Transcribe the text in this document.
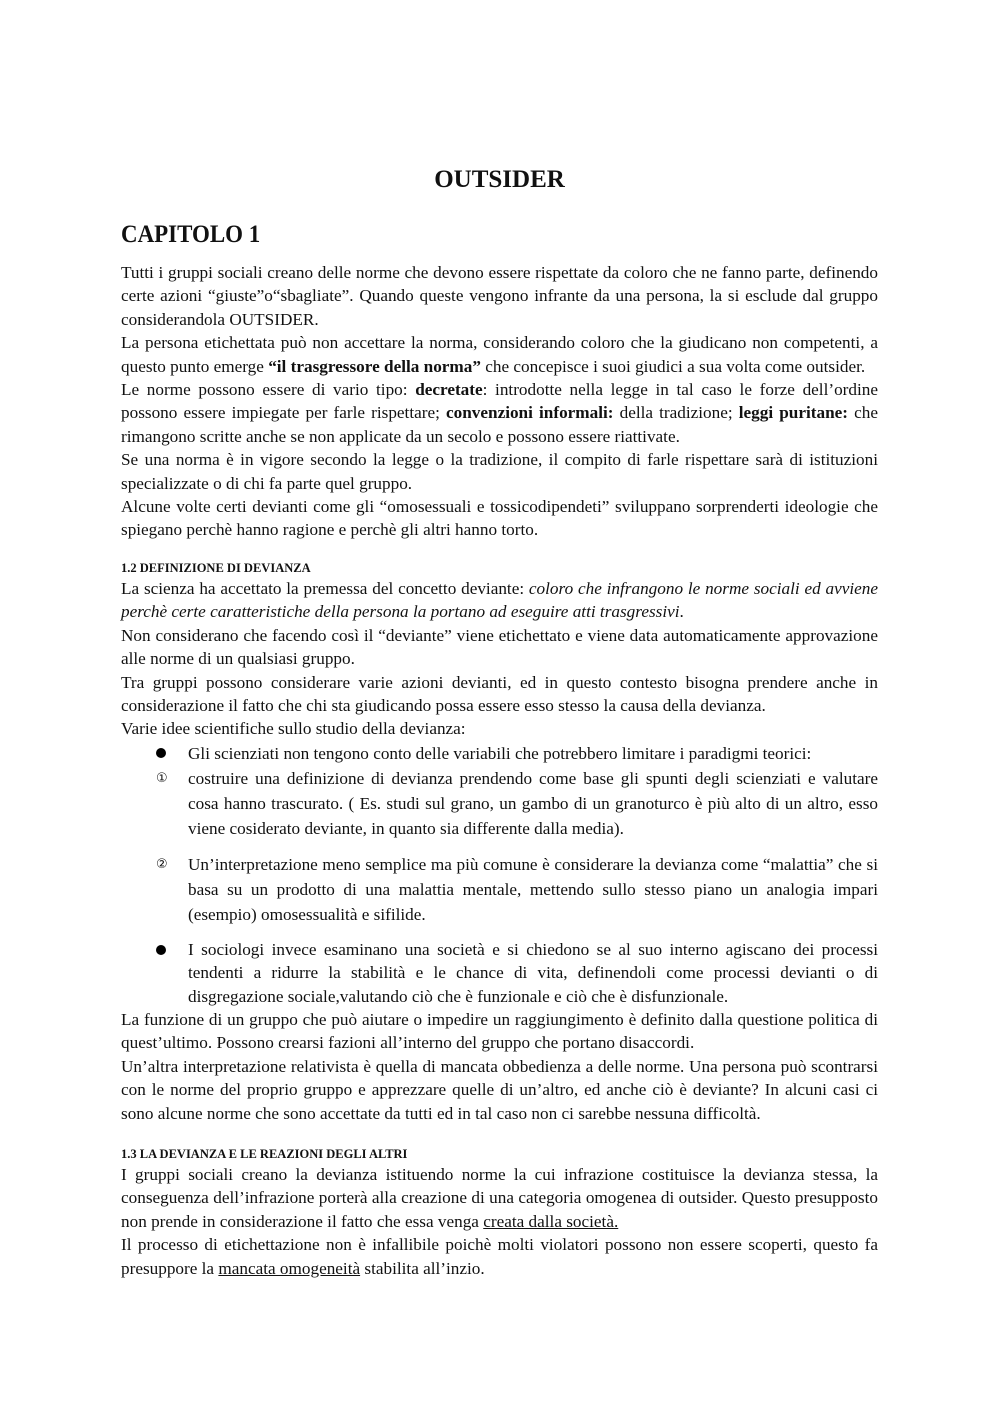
OUTSIDER
CAPITOLO 1

Tutti i gruppi sociali creano delle norme che devono essere rispettate da coloro che ne fanno parte, definendo certe azioni “giuste”o“sbagliate”. Quando queste vengono infrante da una persona, la si esclude dal gruppo considerandola OUTSIDER.

La persona etichettata può non accettare la norma, considerando coloro che la giudicano non competenti, a questo punto emerge “il trasgressore della norma” che concepisce i suoi giudici a sua volta come outsider.

Le norme possono essere di vario tipo: decretate: introdotte nella legge in tal caso le forze dell’ordine possono essere impiegate per farle rispettare; convenzioni informali: della tradizione; leggi puritane: che rimangono scritte anche se non applicate da un secolo e possono essere riattivate.

Se una norma è in vigore secondo la legge o la tradizione, il compito di farle rispettare sarà di istituzioni specializzate o di chi fa parte quel gruppo.

Alcune volte certi devianti come gli “omosessuali e tossicodipendeti” sviluppano sorprenderti ideologie che spiegano perchè hanno ragione e perchè gli altri hanno torto.

1.2 DEFINIZIONE DI DEVIANZA

La scienza ha accettato la premessa del concetto deviante: coloro che infrangono le norme sociali ed avviene perchè certe caratteristiche della persona la portano ad eseguire atti trasgressivi.

Non considerano che facendo così il “deviante” viene etichettato e viene data automaticamente approvazione alle norme di un qualsiasi gruppo.

Tra gruppi possono considerare varie azioni devianti, ed in questo contesto bisogna prendere anche in considerazione il fatto che chi sta giudicando possa essere esso stesso la causa della devianza.

Varie idee scientifiche sullo studio della devianza:

Gli scienziati non tengono conto delle variabili che potrebbero limitare i paradigmi teorici:
①	costruire una definizione di devianza prendendo come base gli spunti degli scienziati e valutare cosa hanno trascurato. ( Es. studi sul grano, un gambo di un granoturco è più alto di un altro, esso viene cosiderato deviante, in quanto sia differente dalla media).
②	Un’interpretazione meno semplice ma più comune è considerare la devianza come “malattia” che si basa su un prodotto di una malattia mentale, mettendo sullo stesso piano un analogia impari (esempio) omosessualità e sifilide.
I sociologi invece esaminano una società e si chiedono se al suo interno agiscano dei processi tendenti a ridurre la stabilità e le chance di vita, definendoli come processi devianti o di disgregazione sociale,valutando ciò che è funzionale e ciò che è disfunzionale.

La funzione di un gruppo che può aiutare o impedire un raggiungimento è definito dalla questione politica di quest’ultimo. Possono crearsi fazioni all’interno del gruppo che portano disaccordi.

Un’altra interpretazione relativista è quella di mancata obbedienza a delle norme. Una persona può scontrarsi con le norme del proprio gruppo e apprezzare quelle di un’altro, ed anche ciò è deviante? In alcuni casi ci sono alcune norme che sono accettate da tutti ed in tal caso non ci sarebbe nessuna difficoltà.

1.3 LA DEVIANZA E LE REAZIONI DEGLI ALTRI

I gruppi sociali creano la devianza istituendo norme la cui infrazione costituisce la devianza stessa, la conseguenza dell’infrazione porterà alla creazione di una categoria omogenea di outsider. Questo presupposto non prende in considerazione il fatto che essa venga creata dalla società.

Il processo di etichettazione non è infallibile poichè molti violatori possono non essere scoperti, questo fa presuppore la mancata omogeneità stabilita all’inzio.
